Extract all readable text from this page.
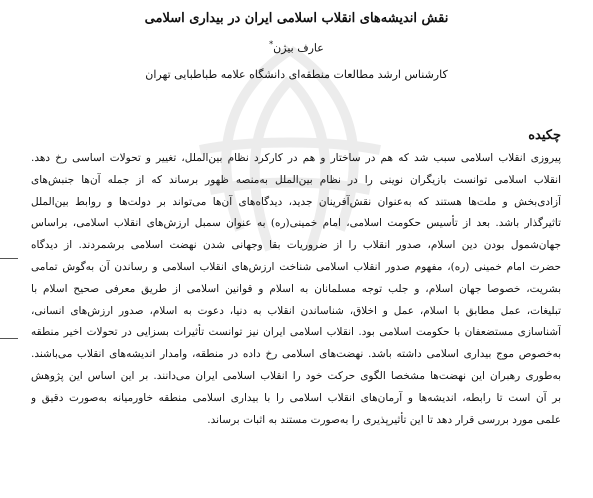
نقش اندیشه‌های انقلاب اسلامی ایران در بیداری اسلامی
عارف بیژن*
کارشناس ارشد مطالعات منطقه‌ای دانشگاه علامه طباطبایی تهران
چکیده
پیروزی انقلاب اسلامی سبب شد که هم در ساختار و هم در کارکرد نظام بین‌الملل، تغییر و تحولات اساسی رخ دهد.
انقلاب اسلامی توانست بازیگران نوینی را در نظام بین‌الملل به‌منصه ظهور برساند که از جمله آن‌ها جنبش‌های
آزادی‌بخش و ملت‌ها هستند که به‌عنوان نقش‌آفرینان جدید، دیدگاه‌های آن‌ها می‌تواند بر دولت‌ها و روابط بین‌الملل
تاثیرگذار باشد. بعد از تأسیس حکومت اسلامی، امام خمینی(ره) به عنوان سمبل ارزش‌های انقلاب اسلامی، براساس
جهان‌شمول بودن دین اسلام، صدور انقلاب را از ضروریات بقا وجهانی شدن نهضت اسلامی برشمردند. از دیدگاه
حضرت امام خمینی (ره)، مفهوم صدور انقلاب اسلامی شناخت ارزش‌های انقلاب اسلامی و رساندن آن به‌گوش تمامی
بشریت، خصوصا جهان اسلام، و جلب توجه مسلمانان به اسلام و قوانین اسلامی از طریق معرفی صحیح اسلام با
تبلیغات، عمل مطابق با اسلام، عمل و اخلاق، شناساندن انقلاب به دنیا، دعوت به اسلام، صدور ارزش‌های انسانی،
آشناسازی مستضعفان با حکومت اسلامی بود. انقلاب اسلامی ایران نیز توانست تأثیرات بسزایی در تحولات اخیر منطقه
به‌خصوص موج بیداری اسلامی داشته باشد. نهضت‌های اسلامی رخ داده در منطقه، وامدار اندیشه‌های انقلاب می‌باشند.
به‌طوری رهبران این نهضت‌ها مشخصا الگوی حرکت خود را انقلاب اسلامی ایران می‌دانند. بر این اساس این پژوهش
بر آن است تا رابطه، اندیشه‌ها و آرمان‌های انقلاب اسلامی را با بیداری اسلامی منطقه خاورمیانه به‌صورت دقیق و
علمی مورد بررسی قرار دهد تا این تأثیرپذیری را به‌صورت مستند به اثبات برساند.
